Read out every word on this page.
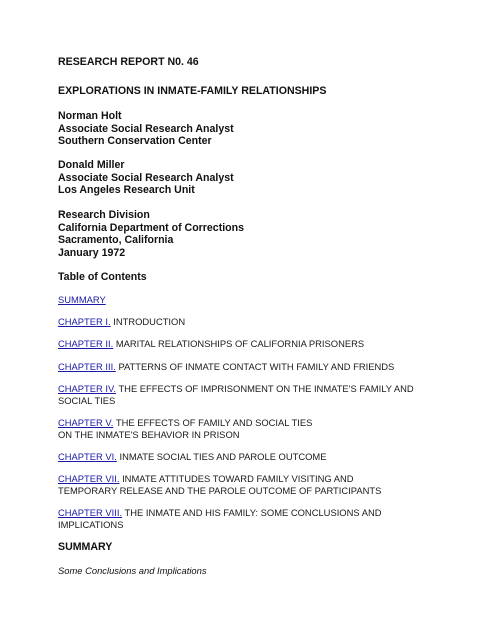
RESEARCH REPORT N0. 46
EXPLORATIONS IN INMATE-FAMILY RELATIONSHIPS
Norman Holt
Associate Social Research Analyst
Southern Conservation Center
Donald Miller
Associate Social Research Analyst
Los Angeles Research Unit
Research Division
California Department of Corrections
Sacramento, California
January 1972
Table of Contents
SUMMARY
CHAPTER I. INTRODUCTION
CHAPTER II. MARITAL RELATIONSHIPS OF CALIFORNIA PRISONERS
CHAPTER III. PATTERNS OF INMATE CONTACT WITH FAMILY AND FRIENDS
CHAPTER IV. THE EFFECTS OF IMPRISONMENT ON THE INMATE'S FAMILY AND
SOCIAL TIES
CHAPTER V. THE EFFECTS OF FAMILY AND SOCIAL TIES
ON THE INMATE'S BEHAVIOR IN PRISON
CHAPTER VI. INMATE SOCIAL TIES AND PAROLE OUTCOME
CHAPTER VII. INMATE ATTITUDES TOWARD FAMILY VISITING AND
TEMPORARY RELEASE AND THE PAROLE OUTCOME OF PARTICIPANTS
CHAPTER VIII. THE INMATE AND HIS FAMILY: SOME CONCLUSIONS AND
IMPLICATIONS
SUMMARY
Some Conclusions and Implications
